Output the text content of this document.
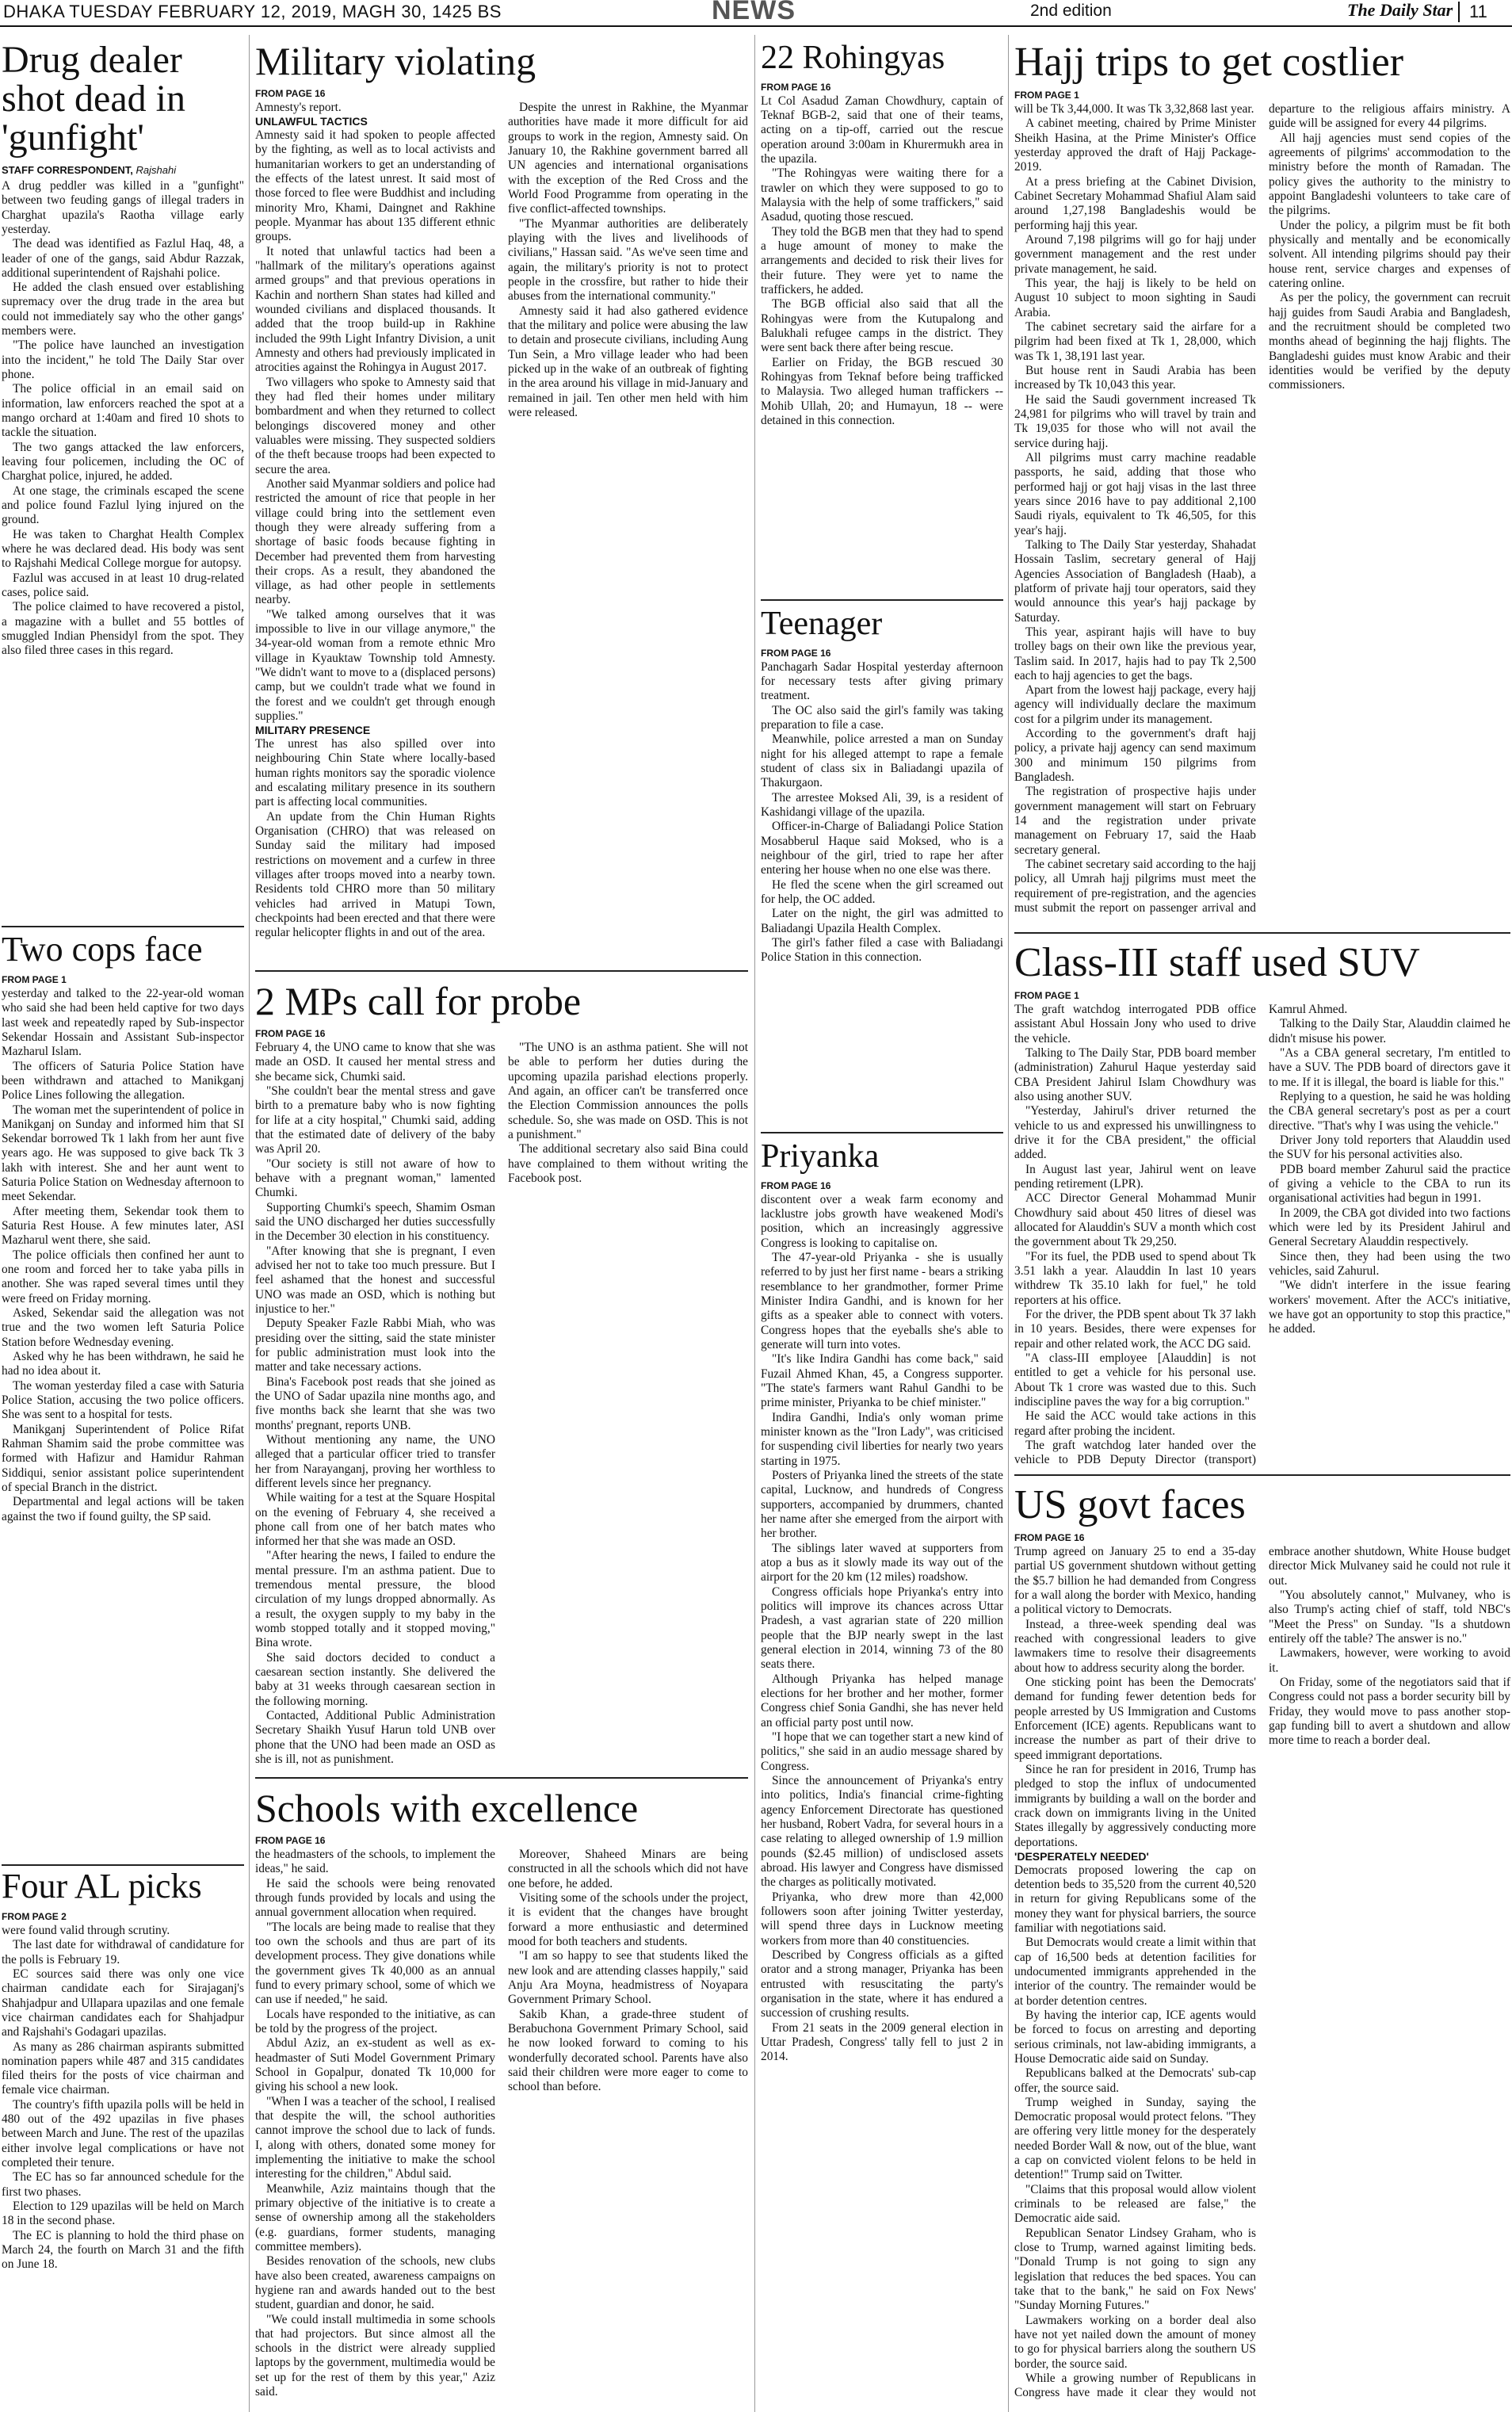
DHAKA TUESDAY FEBRUARY 12, 2019, MAGH 30, 1425 BS	NEWS	2nd edition	The Daily Star 11
Drug dealer shot dead in 'gunfight'
STAFF CORRESPONDENT, Rajshahi

A drug peddler was killed in a "gunfight" between two feuding gangs of illegal traders in Charghat upazila's Raotha village early yesterday.

The dead was identified as Fazlul Haq, 48, a leader of one of the gangs, said Abdur Razzak, additional superintendent of Rajshahi police.

He added the clash ensued over establishing supremacy over the drug trade in the area but could not immediately say who the other gangs' members were.

"The police have launched an investigation into the incident," he told The Daily Star over phone.

The police official in an email said on information, law enforcers reached the spot at a mango orchard at 1:40am and fired 10 shots to tackle the situation.

The two gangs attacked the law enforcers, leaving four policemen, including the OC of Charghat police, injured, he added.

At one stage, the criminals escaped the scene and police found Fazlul lying injured on the ground.

He was taken to Charghat Health Complex where he was declared dead. His body was sent to Rajshahi Medical College morgue for autopsy.

Fazlul was accused in at least 10 drug-related cases, police said.

The police claimed to have recovered a pistol, a magazine with a bullet and 55 bottles of smuggled Indian Phensidyl from the spot. They also filed three cases in this regard.

Two cops face
FROM PAGE 1

yesterday and talked to the 22-year-old woman who said she had been held captive for two days last week and repeatedly raped by Sub-inspector Sekendar Hossain and Assistant Sub-inspector Mazharul Islam.

The officers of Saturia Police Station have been withdrawn and attached to Manikganj Police Lines following the allegation.

The woman met the superintendent of police in Manikganj on Sunday and informed him that SI Sekendar borrowed Tk 1 lakh from her aunt five years ago. He was supposed to give back Tk 3 lakh with interest. She and her aunt went to Saturia Police Station on Wednesday afternoon to meet Sekendar.

After meeting them, Sekendar took them to Saturia Rest House. A few minutes later, ASI Mazharul went there, she said.

The police officials then confined her aunt to one room and forced her to take yaba pills in another. She was raped several times until they were freed on Friday morning.

Asked, Sekendar said the allegation was not true and the two women left Saturia Police Station before Wednesday evening.

Asked why he has been withdrawn, he said he had no idea about it.

The woman yesterday filed a case with Saturia Police Station, accusing the two police officers. She was sent to a hospital for tests.

Manikganj Superintendent of Police Rifat Rahman Shamim said the probe committee was formed with Hafizur and Hamidur Rahman Siddiqui, senior assistant police superintendent of special Branch in the district.

Departmental and legal actions will be taken against the two if found guilty, the SP said.

Four AL picks
FROM PAGE 2

were found valid through scrutiny.

The last date for withdrawal of candidature for the polls is February 19.

EC sources said there was only one vice chairman candidate each for Sirajaganj's Shahjadpur and Ullapara upazilas and one female vice chairman candidates each for Shahjadpur and Rajshahi's Godagari upazilas.

As many as 286 chairman aspirants submitted nomination papers while 487 and 315 candidates filed theirs for the posts of vice chairman and female vice chairman.

The country's fifth upazila polls will be held in 480 out of the 492 upazilas in five phases between March and June. The rest of the upazilas either involve legal complications or have not completed their tenure.

The EC has so far announced schedule for the first two phases.

Election to 129 upazilas will be held on March 18 in the second phase.

The EC is planning to hold the third phase on March 24, the fourth on March 31 and the fifth on June 18.

Military violating
FROM PAGE 16

Amnesty's report.

UNLAWFUL TACTICS

Amnesty said it had spoken to people affected by the fighting, as well as to local activists and humanitarian workers to get an understanding of the effects of the latest unrest. It said most of those forced to flee were Buddhist and including minority Mro, Khami, Daingnet and Rakhine people. Myanmar has about 135 different ethnic groups.

It noted that unlawful tactics had been a "hallmark of the military's operations against armed groups" and that previous operations in Kachin and northern Shan states had killed and wounded civilians and displaced thousands. It added that the troop build-up in Rakhine included the 99th Light Infantry Division, a unit Amnesty and others had previously implicated in atrocities against the Rohingya in August 2017.

Two villagers who spoke to Amnesty said that they had fled their homes under military bombardment and when they returned to collect belongings discovered money and other valuables were missing. They suspected soldiers of the theft because troops had been expected to secure the area.

Another said Myanmar soldiers and police had restricted the amount of rice that people in her village could bring into the settlement even though they were already suffering from a shortage of basic foods because fighting in December had prevented them from harvesting their crops. As a result, they abandoned the village, as had other people in settlements nearby.

"We talked among ourselves that it was impossible to live in our village anymore," the 34-year-old woman from a remote ethnic Mro village in Kyauktaw Township told Amnesty. "We didn't want to move to a (displaced persons) camp, but we couldn't trade what we found in the forest and we couldn't get through enough supplies."

MILITARY PRESENCE

The unrest has also spilled over into neighbouring Chin State where locally-based human rights monitors say the sporadic violence and escalating military presence in its southern part is affecting local communities.

An update from the Chin Human Rights Organisation (CHRO) that was released on Sunday said the military had imposed restrictions on movement and a curfew in three villages after troops moved into a nearby town. Residents told CHRO more than 50 military vehicles had arrived in Matupi Town, checkpoints had been erected and that there were regular helicopter flights in and out of the area.

Despite the unrest in Rakhine, the Myanmar authorities have made it more difficult for aid groups to work in the region, Amnesty said. On January 10, the Rakhine government barred all UN agencies and international organisations with the exception of the Red Cross and the World Food Programme from operating in the five conflict-affected townships.

"The Myanmar authorities are deliberately playing with the lives and livelihoods of civilians," Hassan said. "As we've seen time and again, the military's priority is not to protect people in the crossfire, but rather to hide their abuses from the international community."

Amnesty said it had also gathered evidence that the military and police were abusing the law to detain and prosecute civilians, including Aung Tun Sein, a Mro village leader who had been picked up in the wake of an outbreak of fighting in the area around his village in mid-January and remained in jail. Ten other men held with him were released.

2 MPs call for probe
FROM PAGE 16

February 4, the UNO came to know that she was made an OSD. It caused her mental stress and she became sick, Chumki said.

"She couldn't bear the mental stress and gave birth to a premature baby who is now fighting for life at a city hospital," Chumki said, adding that the estimated date of delivery of the baby was April 20.

"Our society is still not aware of how to behave with a pregnant woman," lamented Chumki.

Supporting Chumki's speech, Shamim Osman said the UNO discharged her duties successfully in the December 30 election in his constituency.

"After knowing that she is pregnant, I even advised her not to take too much pressure. But I feel ashamed that the honest and successful UNO was made an OSD, which is nothing but injustice to her."

Deputy Speaker Fazle Rabbi Miah, who was presiding over the sitting, said the state minister for public administration must look into the matter and take necessary actions.

Bina's Facebook post reads that she joined as the UNO of Sadar upazila nine months ago, and five months back she learnt that she was two months' pregnant, reports UNB.

Without mentioning any name, the UNO alleged that a particular officer tried to transfer her from Narayanganj, proving her worthless to different levels since her pregnancy.

While waiting for a test at the Square Hospital on the evening of February 4, she received a phone call from one of her batch mates who informed her that she was made an OSD.

"After hearing the news, I failed to endure the mental pressure. I'm an asthma patient. Due to tremendous mental pressure, the blood circulation of my lungs dropped abnormally. As a result, the oxygen supply to my baby in the womb stopped totally and it stopped moving," Bina wrote.

She said doctors decided to conduct a caesarean section instantly. She delivered the baby at 31 weeks through caesarean section in the following morning.

Contacted, Additional Public Administration Secretary Shaikh Yusuf Harun told UNB over phone that the UNO had been made an OSD as she is ill, not as punishment.

"The UNO is an asthma patient. She will not be able to perform her duties during the upcoming upazila parishad elections properly. And again, an officer can't be transferred once the Election Commission announces the polls schedule. So, she was made on OSD. This is not a punishment."

The additional secretary also said Bina could have complained to them without writing the Facebook post.

Schools with excellence
FROM PAGE 16

the headmasters of the schools, to implement the ideas," he said.

He said the schools were being renovated through funds provided by locals and using the annual government allocation when required.

"The locals are being made to realise that they too own the schools and thus are part of its development process. They give donations while the government gives Tk 40,000 as an annual fund to every primary school, some of which we can use if needed," he said.

Locals have responded to the initiative, as can be told by the progress of the project.

Abdul Aziz, an ex-student as well as ex-headmaster of Suti Model Government Primary School in Gopalpur, donated Tk 10,000 for giving his school a new look.

"When I was a teacher of the school, I realised that despite the will, the school authorities cannot improve the school due to lack of funds. I, along with others, donated some money for implementing the initiative to make the school interesting for the children," Abdul said.

Meanwhile, Aziz maintains though that the primary objective of the initiative is to create a sense of ownership among all the stakeholders (e.g. guardians, former students, managing committee members).

Besides renovation of the schools, new clubs have also been created, awareness campaigns on hygiene ran and awards handed out to the best student, guardian and donor, he said.

"We could install multimedia in some schools that had projectors. But since almost all the schools in the district were already supplied laptops by the government, multimedia would be set up for the rest of them by this year," Aziz said.

Moreover, Shaheed Minars are being constructed in all the schools which did not have one before, he added.

Visiting some of the schools under the project, it is evident that the changes have brought forward a more enthusiastic and determined mood for both teachers and students.

"I am so happy to see that students liked the new look and are attending classes happily," said Anju Ara Moyna, headmistress of Noyapara Government Primary School.

Sakib Khan, a grade-three student of Berabuchona Government Primary School, said he now looked forward to coming to his wonderfully decorated school. Parents have also said their children were more eager to come to school than before.

22 Rohingyas
FROM PAGE 16

Lt Col Asadud Zaman Chowdhury, captain of Teknaf BGB-2, said that one of their teams, acting on a tip-off, carried out the rescue operation around 3:00am in Khurermukh area in the upazila.

"The Rohingyas were waiting there for a trawler on which they were supposed to go to Malaysia with the help of some traffickers," said Asadud, quoting those rescued.

They told the BGB men that they had to spend a huge amount of money to make the arrangements and decided to risk their lives for their future. They were yet to name the traffickers, he added.

The BGB official also said that all the Rohingyas were from the Kutupalong and Balukhali refugee camps in the district. They were sent back there after being rescue.

Earlier on Friday, the BGB rescued 30 Rohingyas from Teknaf before being trafficked to Malaysia. Two alleged human traffickers -- Mohib Ullah, 20; and Humayun, 18 -- were detained in this connection.

Teenager
FROM PAGE 16

Panchagarh Sadar Hospital yesterday afternoon for necessary tests after giving primary treatment.

The OC also said the girl's family was taking preparation to file a case.

Meanwhile, police arrested a man on Sunday night for his alleged attempt to rape a female student of class six in Baliadangi upazila of Thakurgaon.

The arrestee Moksed Ali, 39, is a resident of Kashidangi village of the upazila.

Officer-in-Charge of Baliadangi Police Station Mosabberul Haque said Moksed, who is a neighbour of the girl, tried to rape her after entering her house when no one else was there.

He fled the scene when the girl screamed out for help, the OC added.

Later on the night, the girl was admitted to Baliadangi Upazila Health Complex.

The girl's father filed a case with Baliadangi Police Station in this connection.

Priyanka
FROM PAGE 16

discontent over a weak farm economy and lacklustre jobs growth have weakened Modi's position, which an increasingly aggressive Congress is looking to capitalise on.

The 47-year-old Priyanka - she is usually referred to by just her first name - bears a striking resemblance to her grandmother, former Prime Minister Indira Gandhi, and is known for her gifts as a speaker able to connect with voters. Congress hopes that the eyeballs she's able to generate will turn into votes.

"It's like Indira Gandhi has come back," said Fuzail Ahmed Khan, 45, a Congress supporter. "The state's farmers want Rahul Gandhi to be prime minister, Priyanka to be chief minister."

Indira Gandhi, India's only woman prime minister known as the "Iron Lady", was criticised for suspending civil liberties for nearly two years starting in 1975.

Posters of Priyanka lined the streets of the state capital, Lucknow, and hundreds of Congress supporters, accompanied by drummers, chanted her name after she emerged from the airport with her brother.

The siblings later waved at supporters from atop a bus as it slowly made its way out of the airport for the 20 km (12 miles) roadshow.

Congress officials hope Priyanka's entry into politics will improve its chances across Uttar Pradesh, a vast agrarian state of 220 million people that the BJP nearly swept in the last general election in 2014, winning 73 of the 80 seats there.

Although Priyanka has helped manage elections for her brother and her mother, former Congress chief Sonia Gandhi, she has never held an official party post until now.

"I hope that we can together start a new kind of politics," she said in an audio message shared by Congress.

Since the announcement of Priyanka's entry into politics, India's financial crime-fighting agency Enforcement Directorate has questioned her husband, Robert Vadra, for several hours in a case relating to alleged ownership of 1.9 million pounds ($2.45 million) of undisclosed assets abroad. His lawyer and Congress have dismissed the charges as politically motivated.

Priyanka, who drew more than 42,000 followers soon after joining Twitter yesterday, will spend three days in Lucknow meeting workers from more than 40 constituencies.

Described by Congress officials as a gifted orator and a strong manager, Priyanka has been entrusted with resuscitating the party's organisation in the state, where it has endured a succession of crushing results.

From 21 seats in the 2009 general election in Uttar Pradesh, Congress' tally fell to just 2 in 2014.

Hajj trips to get costlier
FROM PAGE 1

will be Tk 3,44,000. It was Tk 3,32,868 last year.

A cabinet meeting, chaired by Prime Minister Sheikh Hasina, at the Prime Minister's Office yesterday approved the draft of Hajj Package-2019.

At a press briefing at the Cabinet Division, Cabinet Secretary Mohammad Shafiul Alam said around 1,27,198 Bangladeshis would be performing hajj this year.

Around 7,198 pilgrims will go for hajj under government management and the rest under private management, he said.

This year, the hajj is likely to be held on August 10 subject to moon sighting in Saudi Arabia.

The cabinet secretary said the airfare for a pilgrim had been fixed at Tk 1, 28,000, which was Tk 1, 38,191 last year.

But house rent in Saudi Arabia has been increased by Tk 10,043 this year.

He said the Saudi government increased Tk 24,981 for pilgrims who will travel by train and Tk 19,035 for those who will not avail the service during hajj.

All pilgrims must carry machine readable passports, he said, adding that those who performed hajj or got hajj visas in the last three years since 2016 have to pay additional 2,100 Saudi riyals, equivalent to Tk 46,505, for this year's hajj.

Talking to The Daily Star yesterday, Shahadat Hossain Taslim, secretary general of Hajj Agencies Association of Bangladesh (Haab), a platform of private hajj tour operators, said they would announce this year's hajj package by Saturday.

This year, aspirant hajis will have to buy trolley bags on their own like the previous year, Taslim said. In 2017, hajis had to pay Tk 2,500 each to hajj agencies to get the bags.

Apart from the lowest hajj package, every hajj agency will individually declare the maximum cost for a pilgrim under its management.

According to the government's draft hajj policy, a private hajj agency can send maximum 300 and minimum 150 pilgrims from Bangladesh.

The registration of prospective hajis under government management will start on February 14 and the registration under private management on February 17, said the Haab secretary general.

The cabinet secretary said according to the hajj policy, all Umrah hajj pilgrims must meet the requirement of pre-registration, and the agencies must submit the report on passenger arrival and departure to the religious affairs ministry. A guide will be assigned for every 44 pilgrims.

All hajj agencies must send copies of the agreements of pilgrims' accommodation to the ministry before the month of Ramadan. The policy gives the authority to the ministry to appoint Bangladeshi volunteers to take care of the pilgrims.

Under the policy, a pilgrim must be fit both physically and mentally and be economically solvent. All intending pilgrims should pay their house rent, service charges and expenses of catering online.

As per the policy, the government can recruit hajj guides from Saudi Arabia and Bangladesh, and the recruitment should be completed two months ahead of beginning the hajj flights. The Bangladeshi guides must know Arabic and their identities would be verified by the deputy commissioners.

Class-III staff used SUV
FROM PAGE 1

The graft watchdog interrogated PDB office assistant Abul Hossain Jony who used to drive the vehicle.

Talking to The Daily Star, PDB board member (administration) Zahurul Haque yesterday said CBA President Jahirul Islam Chowdhury was also using another SUV.

"Yesterday, Jahirul's driver returned the vehicle to us and expressed his unwillingness to drive it for the CBA president," the official added.

In August last year, Jahirul went on leave pending retirement (LPR).

ACC Director General Mohammad Munir Chowdhury said about 450 litres of diesel was allocated for Alauddin's SUV a month which cost the government about Tk 29,250.

"For its fuel, the PDB used to spend about Tk 3.51 lakh a year. Alauddin In last 10 years withdrew Tk 35.10 lakh for fuel," he told reporters at his office.

For the driver, the PDB spent about Tk 37 lakh in 10 years. Besides, there were expenses for repair and other related work, the ACC DG said.

"A class-III employee [Alauddin] is not entitled to get a vehicle for his personal use. About Tk 1 crore was wasted due to this. Such indiscipline paves the way for a big corruption."

He said the ACC would take actions in this regard after probing the incident.

The graft watchdog later handed over the vehicle to PDB Deputy Director (transport) Kamrul Ahmed.

Talking to the Daily Star, Alauddin claimed he didn't misuse his power.

"As a CBA general secretary, I'm entitled to have a SUV. The PDB board of directors gave it to me. If it is illegal, the board is liable for this."

Replying to a question, he said he was holding the CBA general secretary's post as per a court directive. "That's why I was using the vehicle."

Driver Jony told reporters that Alauddin used the SUV for his personal activities also.

PDB board member Zahurul said the practice of giving a vehicle to the CBA to run its organisational activities had begun in 1991.

In 2009, the CBA got divided into two factions which were led by its President Jahirul and General Secretary Alauddin respectively.

Since then, they had been using the two vehicles, said Zahurul.

"We didn't interfere in the issue fearing workers' movement. After the ACC's initiative, we have got an opportunity to stop this practice," he added.

US govt faces
FROM PAGE 16

Trump agreed on January 25 to end a 35-day partial US government shutdown without getting the $5.7 billion he had demanded from Congress for a wall along the border with Mexico, handing a political victory to Democrats.

Instead, a three-week spending deal was reached with congressional leaders to give lawmakers time to resolve their disagreements about how to address security along the border.

One sticking point has been the Democrats' demand for funding fewer detention beds for people arrested by US Immigration and Customs Enforcement (ICE) agents. Republicans want to increase the number as part of their drive to speed immigrant deportations.

Since he ran for president in 2016, Trump has pledged to stop the influx of undocumented immigrants by building a wall on the border and crack down on immigrants living in the United States illegally by aggressively conducting more deportations.

'DESPERATELY NEEDED'

Democrats proposed lowering the cap on detention beds to 35,520 from the current 40,520 in return for giving Republicans some of the money they want for physical barriers, the source familiar with negotiations said.

But Democrats would create a limit within that cap of 16,500 beds at detention facilities for undocumented immigrants apprehended in the interior of the country. The remainder would be at border detention centres.

By having the interior cap, ICE agents would be forced to focus on arresting and deporting serious criminals, not law-abiding immigrants, a House Democratic aide said on Sunday.

Republicans balked at the Democrats' sub-cap offer, the source said.

Trump weighed in Sunday, saying the Democratic proposal would protect felons. "They are offering very little money for the desperately needed Border Wall & now, out of the blue, want a cap on convicted violent felons to be held in detention!" Trump said on Twitter.

"Claims that this proposal would allow violent criminals to be released are false," the Democratic aide said.

Republican Senator Lindsey Graham, who is close to Trump, warned against limiting beds. "Donald Trump is not going to sign any legislation that reduces the bed spaces. You can take that to the bank," he said on Fox News' "Sunday Morning Futures."

Lawmakers working on a border deal also have not yet nailed down the amount of money to go for physical barriers along the southern US border, the source said.

While a growing number of Republicans in Congress have made it clear they would not embrace another shutdown, White House budget director Mick Mulvaney said he could not rule it out.

"You absolutely cannot," Mulvaney, who is also Trump's acting chief of staff, told NBC's "Meet the Press" on Sunday. "Is a shutdown entirely off the table? The answer is no."

Lawmakers, however, were working to avoid it.

On Friday, some of the negotiators said that if Congress could not pass a border security bill by Friday, they would move to pass another stop-gap funding bill to avert a shutdown and allow more time to reach a border deal.
